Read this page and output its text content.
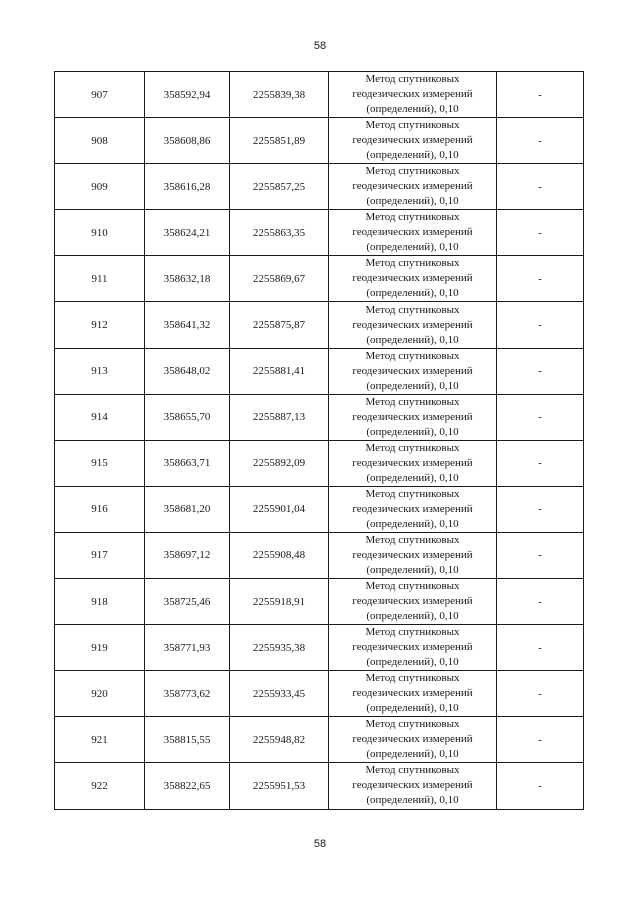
58
907	358592,94	2255839,38	Метод спутниковых
геодезических измерений
(определений), 0,10	-
908	358608,86	2255851,89	Метод спутниковых
геодезических измерений
(определений), 0,10	-
909	358616,28	2255857,25	Метод спутниковых
геодезических измерений
(определений), 0,10	-
910	358624,21	2255863,35	Метод спутниковых
геодезических измерений
(определений), 0,10	-
911	358632,18	2255869,67	Метод спутниковых
геодезических измерений
(определений), 0,10	-
912	358641,32	2255875,87	Метод спутниковых
геодезических измерений
(определений), 0,10	-
913	358648,02	2255881,41	Метод спутниковых
геодезических измерений
(определений), 0,10	-
914	358655,70	2255887,13	Метод спутниковых
геодезических измерений
(определений), 0,10	-
915	358663,71	2255892,09	Метод спутниковых
геодезических измерений
(определений), 0,10	-
916	358681,20	2255901,04	Метод спутниковых
геодезических измерений
(определений), 0,10	-
917	358697,12	2255908,48	Метод спутниковых
геодезических измерений
(определений), 0,10	-
918	358725,46	2255918,91	Метод спутниковых
геодезических измерений
(определений), 0,10	-
919	358771,93	2255935,38	Метод спутниковых
геодезических измерений
(определений), 0,10	-
920	358773,62	2255933,45	Метод спутниковых
геодезических измерений
(определений), 0,10	-
921	358815,55	2255948,82	Метод спутниковых
геодезических измерений
(определений), 0,10	-
922	358822,65	2255951,53	Метод спутниковых
геодезических измерений
(определений), 0,10	-
58
